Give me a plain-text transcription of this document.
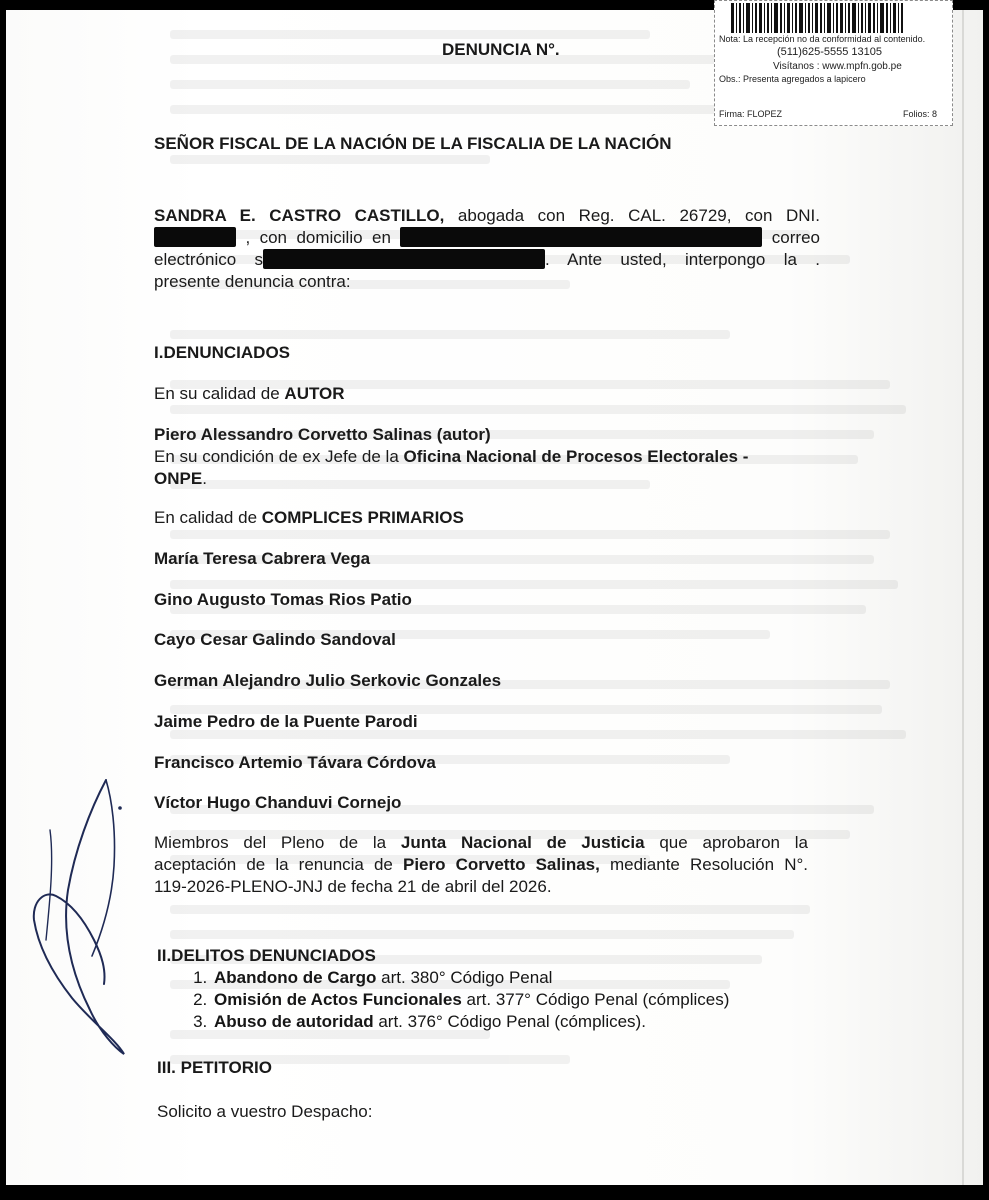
Nota: La recepción no da conformidad al contenido.
(511)625-5555 13105
Visítanos : www.mpfn.gob.pe
Obs.: Presenta agregados a lapicero
Firma: FLOPEZ	Folios: 8
DENUNCIA N°.
SEÑOR FISCAL DE LA NACIÓN DE LA FISCALIA DE LA NACIÓN
SANDRA E. CASTRO CASTILLO, abogada con Reg. CAL. 26729, con DNI.
, con domicilio en	correo
electrónico s	. Ante usted, interpongo la .
presente denuncia contra:
I.DENUNCIADOS
En su calidad de AUTOR
Piero Alessandro Corvetto Salinas (autor)
En su condición de ex Jefe de la Oficina Nacional de Procesos Electorales -
ONPE.
En calidad de COMPLICES PRIMARIOS
María Teresa Cabrera Vega
Gino Augusto Tomas Rios Patio
Cayo Cesar Galindo Sandoval
German Alejandro Julio Serkovic Gonzales
Jaime Pedro de la Puente Parodi
Francisco Artemio Távara Córdova
Víctor Hugo Chanduvi Cornejo
Miembros del Pleno de la Junta Nacional de Justicia que aprobaron la
aceptación de la renuncia de Piero Corvetto Salinas, mediante Resolución N°.
119-2026-PLENO-JNJ de fecha 21 de abril del 2026.
II.DELITOS DENUNCIADOS
1. Abandono de Cargo art. 380° Código Penal
2. Omisión de Actos Funcionales art. 377° Código Penal (cómplices)
3. Abuso de autoridad art. 376° Código Penal (cómplices).
III. PETITORIO
Solicito a vuestro Despacho:
